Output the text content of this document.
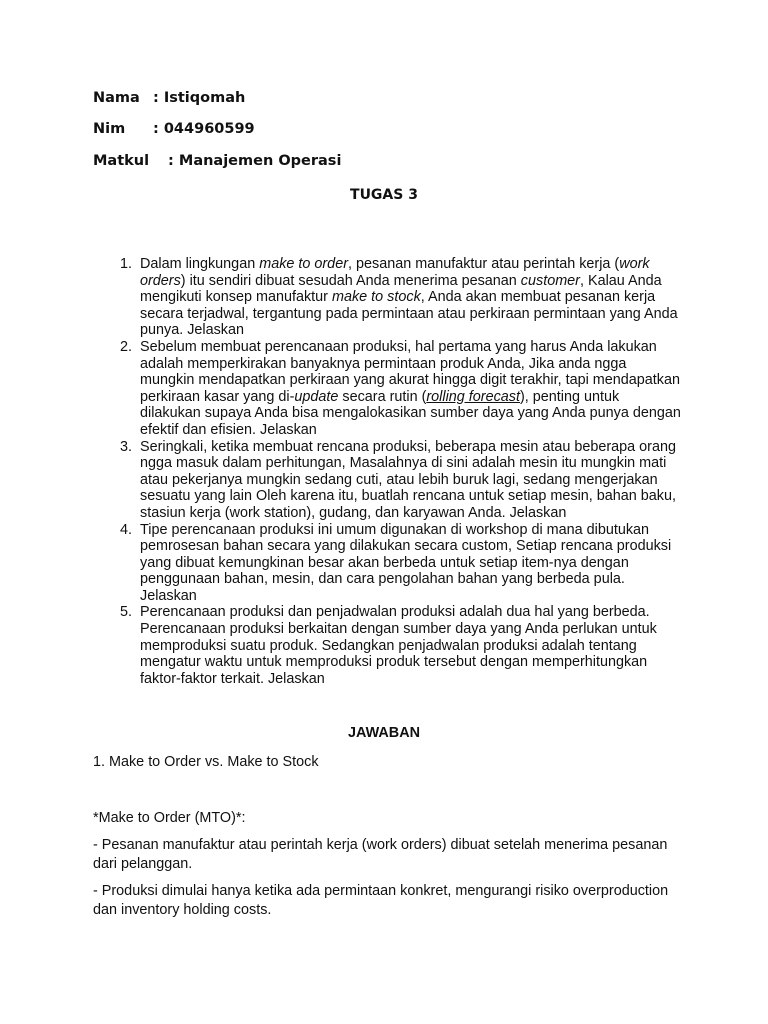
Nama : Istiqomah
Nim : 044960599
Matkul : Manajemen Operasi
TUGAS 3
1. Dalam lingkungan make to order, pesanan manufaktur atau perintah kerja (work orders) itu sendiri dibuat sesudah Anda menerima pesanan customer, Kalau Anda mengikuti konsep manufaktur make to stock, Anda akan membuat pesanan kerja secara terjadwal, tergantung pada permintaan atau perkiraan permintaan yang Anda punya. Jelaskan
2. Sebelum membuat perencanaan produksi, hal pertama yang harus Anda lakukan adalah memperkirakan banyaknya permintaan produk Anda, Jika anda ngga mungkin mendapatkan perkiraan yang akurat hingga digit terakhir, tapi mendapatkan perkiraan kasar yang di-update secara rutin (rolling forecast), penting untuk dilakukan supaya Anda bisa mengalokasikan sumber daya yang Anda punya dengan efektif dan efisien. Jelaskan
3. Seringkali, ketika membuat rencana produksi, beberapa mesin atau beberapa orang ngga masuk dalam perhitungan, Masalahnya di sini adalah mesin itu mungkin mati atau pekerjanya mungkin sedang cuti, atau lebih buruk lagi, sedang mengerjakan sesuatu yang lain Oleh karena itu, buatlah rencana untuk setiap mesin, bahan baku, stasiun kerja (work station), gudang, dan karyawan Anda. Jelaskan
4. Tipe perencanaan produksi ini umum digunakan di workshop di mana dibutukan pemrosesan bahan secara yang dilakukan secara custom, Setiap rencana produksi yang dibuat kemungkinan besar akan berbeda untuk setiap item-nya dengan penggunaan bahan, mesin, dan cara pengolahan bahan yang berbeda pula. Jelaskan
5. Perencanaan produksi dan penjadwalan produksi adalah dua hal yang berbeda. Perencanaan produksi berkaitan dengan sumber daya yang Anda perlukan untuk memproduksi suatu produk. Sedangkan penjadwalan produksi adalah tentang mengatur waktu untuk memproduksi produk tersebut dengan memperhitungkan faktor-faktor terkait. Jelaskan
JAWABAN
1. Make to Order vs. Make to Stock
*Make to Order (MTO)*:
- Pesanan manufaktur atau perintah kerja (work orders) dibuat setelah menerima pesanan dari pelanggan.
- Produksi dimulai hanya ketika ada permintaan konkret, mengurangi risiko overproduction dan inventory holding costs.
